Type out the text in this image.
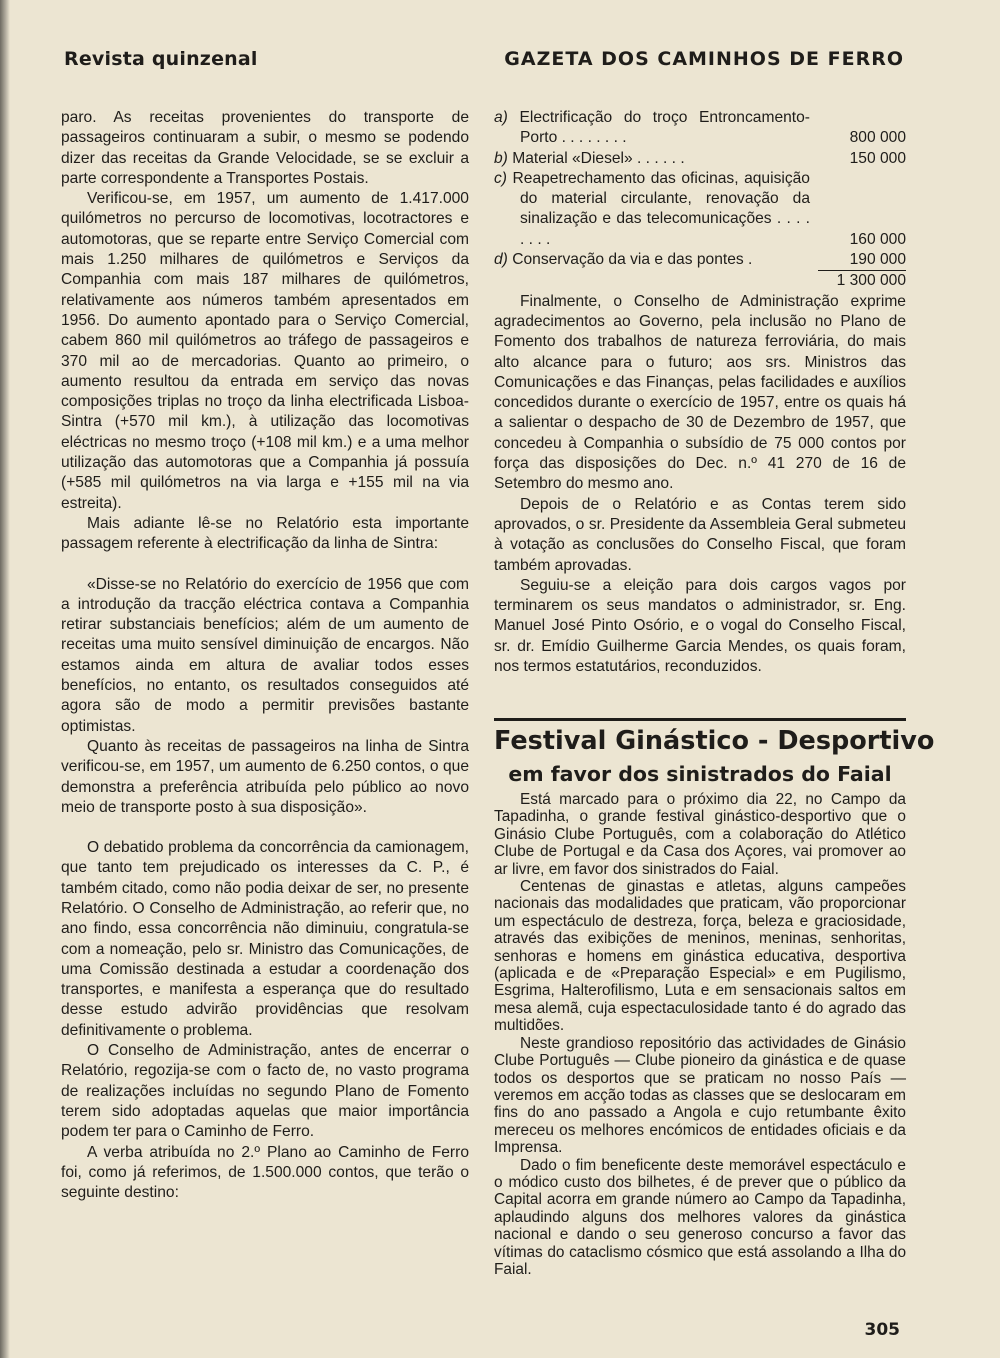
Revista quinzenal	GAZETA DOS CAMINHOS DE FERRO

paro. As receitas provenientes do transporte de passageiros continuaram a subir, o mesmo se podendo dizer das receitas da Grande Velocidade, se se excluir a parte correspondente a Transportes Postais.

Verificou-se, em 1957, um aumento de 1.417.000 quilómetros no percurso de locomotivas, locotractores e automotoras, que se reparte entre Serviço Comercial com mais 1.250 milhares de quilómetros e Serviços da Companhia com mais 187 milhares de quilómetros, relativamente aos números também apresentados em 1956. Do aumento apontado para o Serviço Comercial, cabem 860 mil quilómetros ao tráfego de passageiros e 370 mil ao de mercadorias. Quanto ao primeiro, o aumento resultou da entrada em serviço das novas composições triplas no troço da linha electrificada Lisboa-Sintra (+570 mil km.), à utilização das locomotivas eléctricas no mesmo troço (+108 mil km.) e a uma melhor utilização das automotoras que a Companhia já possuía (+585 mil quilómetros na via larga e +155 mil na via estreita).

Mais adiante lê-se no Relatório esta importante passagem referente à electrificação da linha de Sintra:

«Disse-se no Relatório do exercício de 1956 que com a introdução da tracção eléctrica contava a Companhia retirar substanciais benefícios; além de um aumento de receitas uma muito sensível diminuição de encargos. Não estamos ainda em altura de avaliar todos esses benefícios, no entanto, os resultados conseguidos até agora são de modo a permitir previsões bastante optimistas.

Quanto às receitas de passageiros na linha de Sintra verificou-se, em 1957, um aumento de 6.250 contos, o que demonstra a preferência atribuída pelo público ao novo meio de transporte posto à sua disposição».

O debatido problema da concorrência da camionagem, que tanto tem prejudicado os interesses da C. P., é também citado, como não podia deixar de ser, no presente Relatório. O Conselho de Administração, ao referir que, no ano findo, essa concorrência não diminuiu, congratula-se com a nomeação, pelo sr. Ministro das Comunicações, de uma Comissão destinada a estudar a coordenação dos transportes, e manifesta a esperança que do resultado desse estudo advirão providências que resolvam definitivamente o problema.

O Conselho de Administração, antes de encerrar o Relatório, regozija-se com o facto de, no vasto programa de realizações incluídas no segundo Plano de Fomento terem sido adoptadas aquelas que maior importância podem ter para o Caminho de Ferro.

A verba atribuída no 2.º Plano ao Caminho de Ferro foi, como já referimos, de 1.500.000 contos, que terão o seguinte destino:

a) Electrificação do troço Entroncamento-Porto . . . . . . . .	800 000
b) Material «Diesel» . . . . . .	150 000
c) Reapetrechamento das oficinas, aquisição do material circulante, renovação da sinalização e das telecomunicações . . . . . . . .	160 000
d) Conservação da via e das pontes .	190 000
1 300 000

Finalmente, o Conselho de Administração exprime agradecimentos ao Governo, pela inclusão no Plano de Fomento dos trabalhos de natureza ferroviária, do mais alto alcance para o futuro; aos srs. Ministros das Comunicações e das Finanças, pelas facilidades e auxílios concedidos durante o exercício de 1957, entre os quais há a salientar o despacho de 30 de Dezembro de 1957, que concedeu à Companhia o subsídio de 75 000 contos por força das disposições do Dec. n.º 41 270 de 16 de Setembro do mesmo ano.

Depois de o Relatório e as Contas terem sido aprovados, o sr. Presidente da Assembleia Geral submeteu à votação as conclusões do Conselho Fiscal, que foram também aprovadas.

Seguiu-se a eleição para dois cargos vagos por terminarem os seus mandatos o administrador, sr. Eng. Manuel José Pinto Osório, e o vogal do Conselho Fiscal, sr. dr. Emídio Guilherme Garcia Mendes, os quais foram, nos termos estatutários, reconduzidos.

Festival Ginástico - Desportivo
em favor dos sinistrados do Faial

Está marcado para o próximo dia 22, no Campo da Tapadinha, o grande festival ginástico-desportivo que o Ginásio Clube Português, com a colaboração do Atlético Clube de Portugal e da Casa dos Açores, vai promover ao ar livre, em favor dos sinistrados do Faial.

Centenas de ginastas e atletas, alguns campeões nacionais das modalidades que praticam, vão proporcionar um espectáculo de destreza, força, beleza e graciosidade, através das exibições de meninos, meninas, senhoritas, senhoras e homens em ginástica educativa, desportiva (aplicada e de «Preparação Especial» e em Pugilismo, Esgrima, Halterofilismo, Luta e em sensacionais saltos em mesa alemã, cuja espectaculosidade tanto é do agrado das multidões.

Neste grandioso repositório das actividades de Ginásio Clube Português — Clube pioneiro da ginástica e de quase todos os desportos que se praticam no nosso País — veremos em acção todas as classes que se deslocaram em fins do ano passado a Angola e cujo retumbante êxito mereceu os melhores encómicos de entidades oficiais e da Imprensa.

Dado o fim beneficente deste memorável espectáculo e o módico custo dos bilhetes, é de prever que o público da Capital acorra em grande número ao Campo da Tapadinha, aplaudindo alguns dos melhores valores da ginástica nacional e dando o seu generoso concurso a favor das vítimas do cataclismo cósmico que está assolando a Ilha do Faial.

305
